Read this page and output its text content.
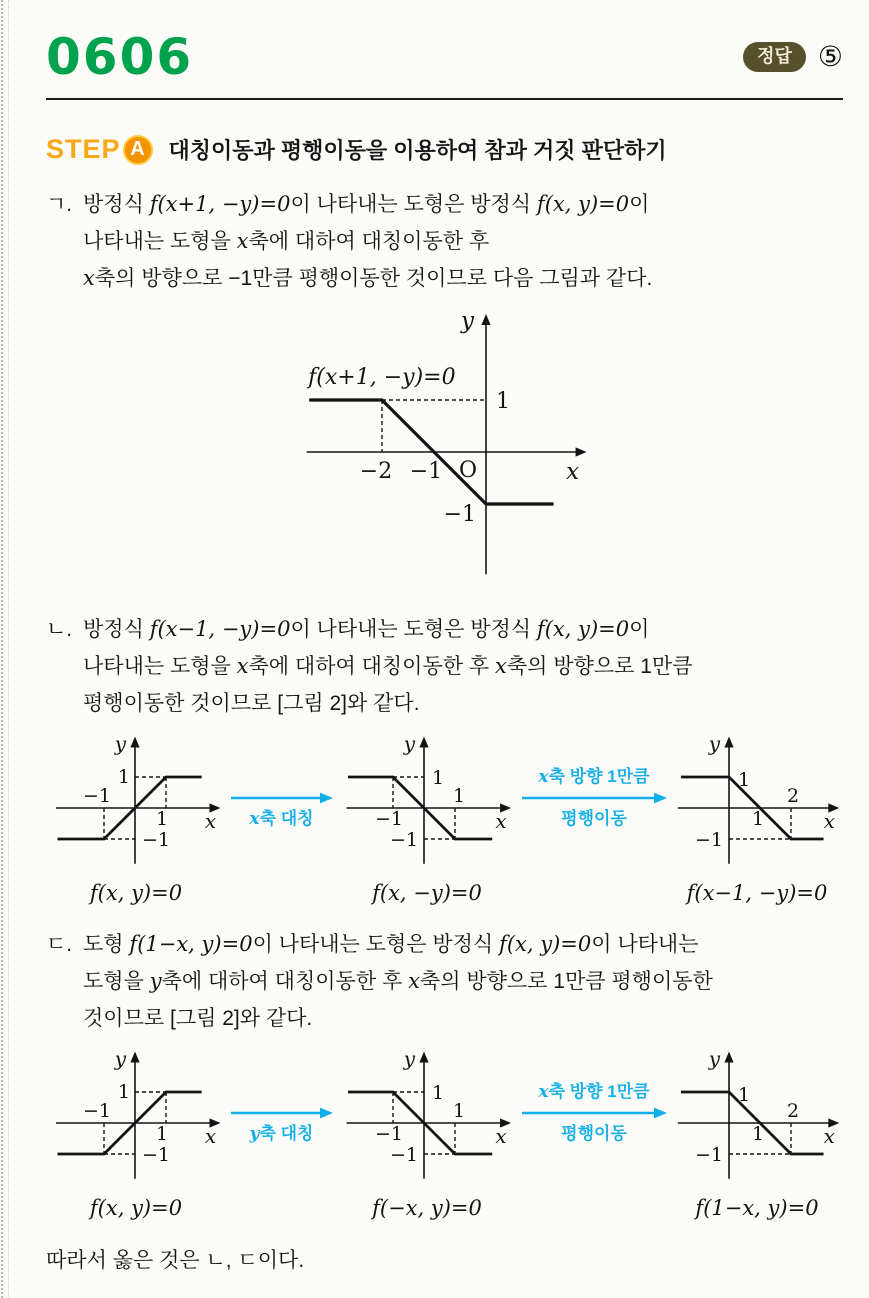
0606	정답 ⑤
STEP A	대칭이동과 평행이동을 이용하여 참과 거짓 판단하기
ㄱ. 방정식 f(x+1, −y)=0이 나타내는 도형은 방정식 f(x, y)=0이
나타내는 도형을 x축에 대하여 대칭이동한 후
x축의 방향으로 −1만큼 평행이동한 것이므로 다음 그림과 같다.
f(x+1, −y)=0
y
x
O
1
−2 −1
−1
ㄴ. 방정식 f(x−1, −y)=0이 나타내는 도형은 방정식 f(x, y)=0이
나타내는 도형을 x축에 대하여 대칭이동한 후 x축의 방향으로 1만큼
평행이동한 것이므로 [그림 2]와 같다.
y
1
−1
1 x
−1
f(x, y)=0
x축 대칭
y
1
1
−1	x
−1
f(x, −y)=0
x축 방향 1만큼
평행이동
y
1
2
1	x
−1
f(x−1, −y)=0
ㄷ. 도형 f(1−x, y)=0이 나타내는 도형은 방정식 f(x, y)=0이 나타내는
도형을 y축에 대하여 대칭이동한 후 x축의 방향으로 1만큼 평행이동한
것이므로 [그림 2]와 같다.
y
1
−1
1 x
−1
f(x, y)=0
y축 대칭
y
1
1
−1	x
−1
f(−x, y)=0
x축 방향 1만큼
평행이동
y
1
2
1	x
−1
f(1−x, y)=0
따라서 옳은 것은 ㄴ, ㄷ이다.
